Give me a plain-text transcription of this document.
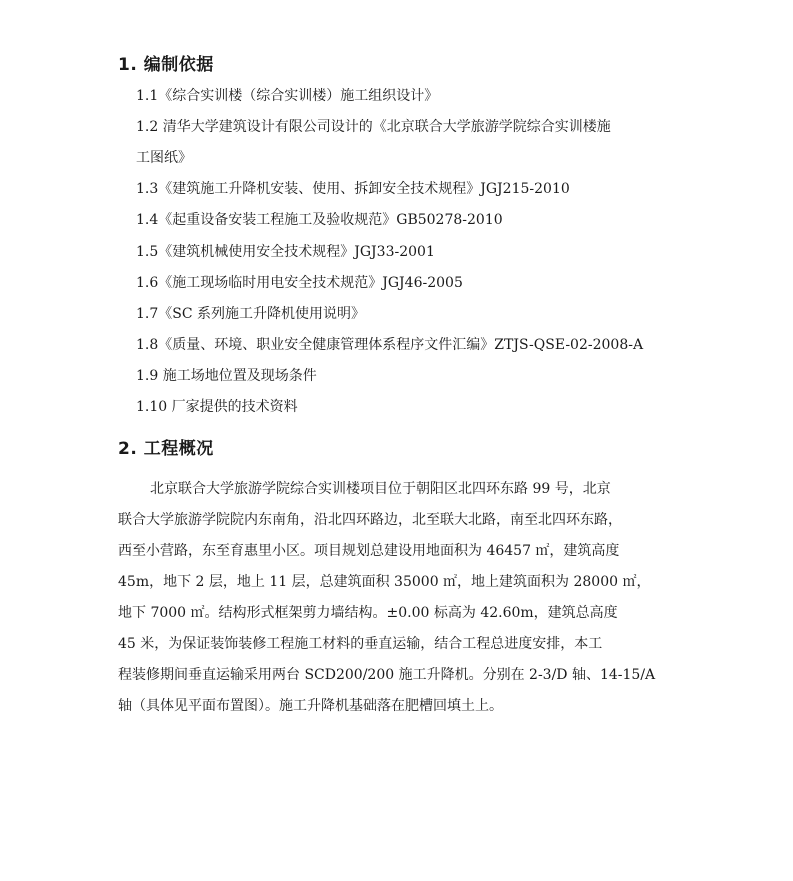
1. 编制依据
1.1《综合实训楼（综合实训楼）施工组织设计》
1.2 清华大学建筑设计有限公司设计的《北京联合大学旅游学院综合实训楼施
工图纸》
1.3《建筑施工升降机安装、使用、拆卸安全技术规程》JGJ215-2010
1.4《起重设备安装工程施工及验收规范》GB50278-2010
1.5《建筑机械使用安全技术规程》JGJ33-2001
1.6《施工现场临时用电安全技术规范》JGJ46-2005
1.7《SC 系列施工升降机使用说明》
1.8《质量、环境、职业安全健康管理体系程序文件汇编》ZTJS-QSE-02-2008-A
1.9 施工场地位置及现场条件
1.10 厂家提供的技术资料
2. 工程概况
北京联合大学旅游学院综合实训楼项目位于朝阳区北四环东路 99 号，北京
联合大学旅游学院院内东南角，沿北四环路边，北至联大北路，南至北四环东路，
西至小营路，东至育惠里小区。项目规划总建设用地面积为 46457 ㎡，建筑高度
45m，地下 2 层，地上 11 层，总建筑面积 35000 ㎡，地上建筑面积为 28000 ㎡，
地下 7000 ㎡。结构形式框架剪力墙结构。±0.00 标高为 42.60m，建筑总高度
45 米，为保证装饰装修工程施工材料的垂直运输，结合工程总进度安排，本工
程装修期间垂直运输采用两台 SCD200/200 施工升降机。分别在 2-3/D 轴、14-15/A
轴（具体见平面布置图）。施工升降机基础落在肥槽回填土上。
